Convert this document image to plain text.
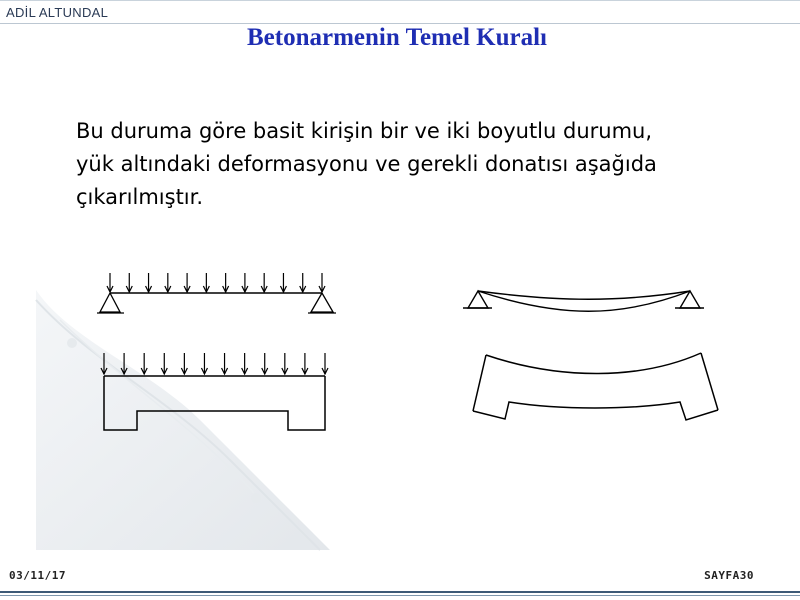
ADİL ALTUNDAL
Betonarmenin Temel Kuralı
Bu duruma göre basit kirişin bir ve iki boyutlu durumu,
yük altındaki deformasyonu ve gerekli donatısı aşağıda
çıkarılmıştır.
03/11/17	SAYFA30
